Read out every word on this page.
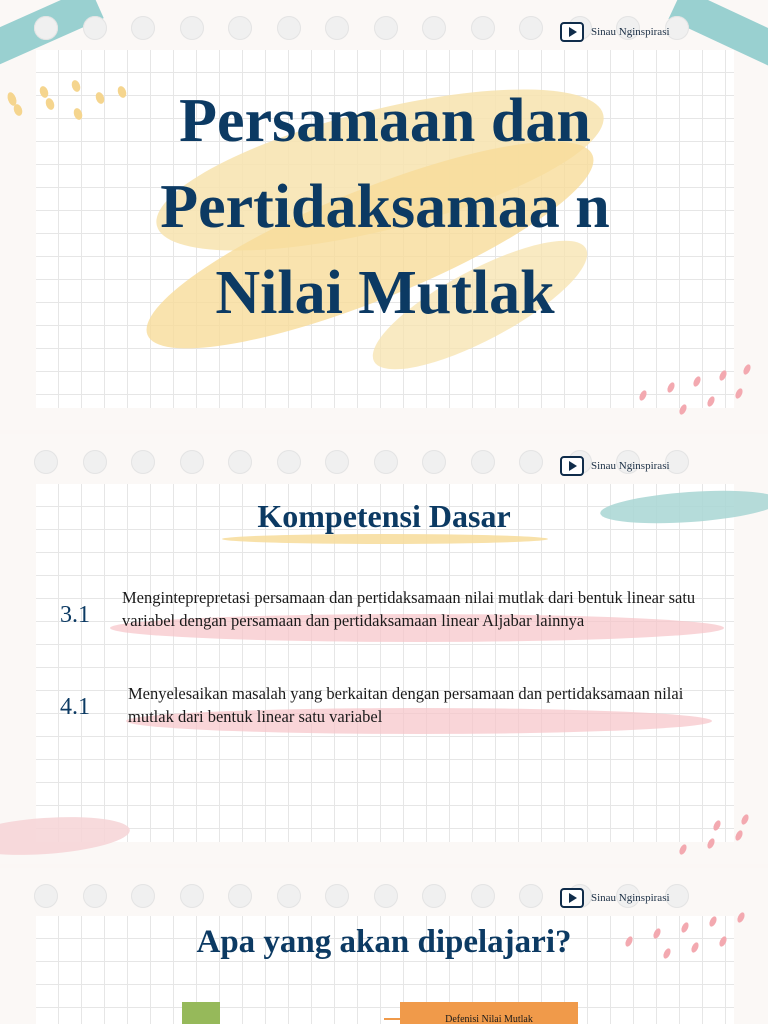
Sinau Nginspirasi
Persamaan dan Pertidaksamaa n Nilai Mutlak
Sinau Nginspirasi
Kompetensi Dasar
3.1
Menginteprepretasi persamaan dan pertidaksamaan nilai mutlak dari bentuk linear satu variabel dengan persamaan dan pertidaksamaan linear Aljabar lainnya
4.1
Menyelesaikan masalah yang berkaitan dengan persamaan dan pertidaksamaan nilai mutlak dari bentuk linear satu variabel
Sinau Nginspirasi
Apa yang akan dipelajari?
Defenisi Nilai Mutlak
